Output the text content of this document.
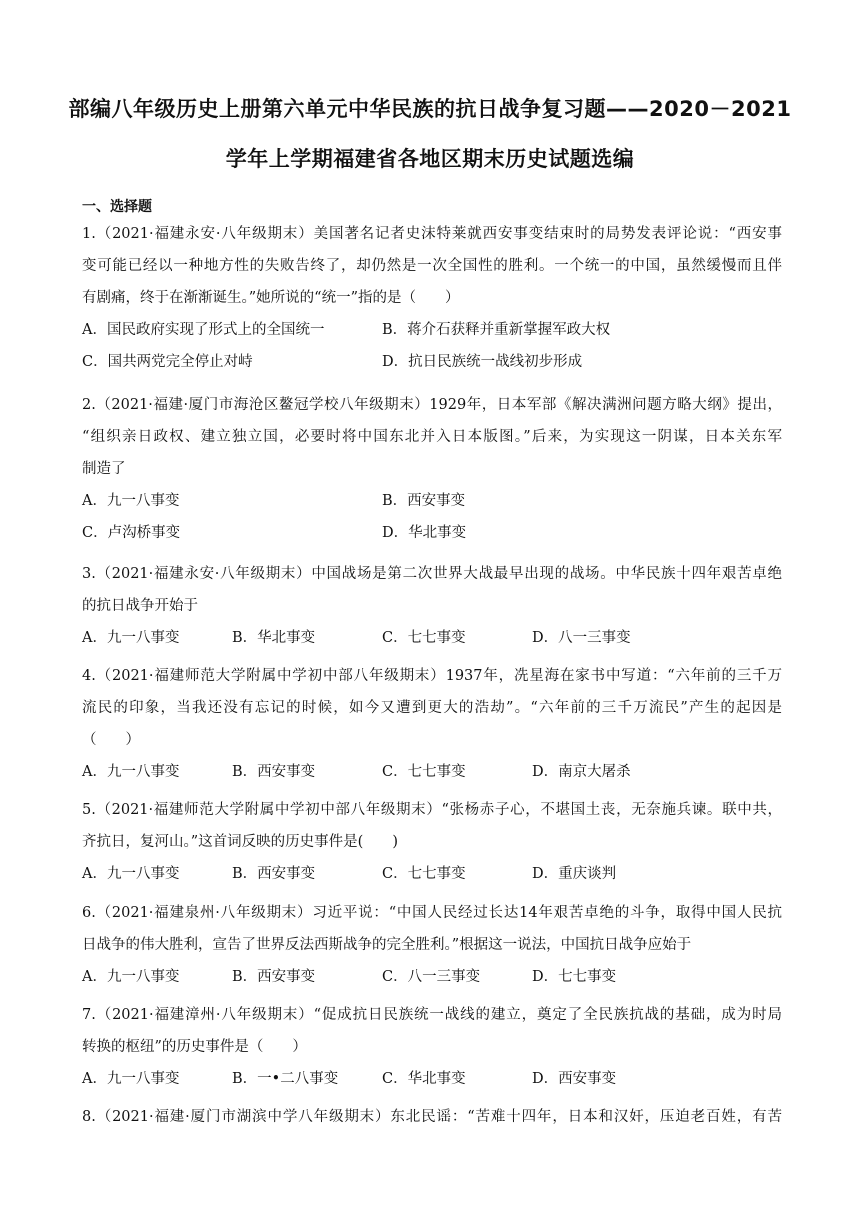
部编八年级历史上册第六单元中华民族的抗日战争复习题——2020－2021
学年上学期福建省各地区期末历史试题选编
一、选择题
1.（2021·福建永安·八年级期末）美国著名记者史沫特莱就西安事变结束时的局势发表评论说：“西安事
变可能已经以一种地方性的失败告终了，却仍然是一次全国性的胜利。一个统一的中国，虽然缓慢而且伴
有剧痛，终于在渐渐诞生。”她所说的“统一”指的是（　　）
A．国民政府实现了形式上的全国统一	B．蒋介石获释并重新掌握军政大权
C．国共两党完全停止对峙	D．抗日民族统一战线初步形成
2.（2021·福建·厦门市海沧区鳌冠学校八年级期末）1929年，日本军部《解决满洲问题方略大纲》提出，
“组织亲日政权、建立独立国，必要时将中国东北并入日本版图。”后来，为实现这一阴谋，日本关东军
制造了
A．九一八事变	B．西安事变
C．卢沟桥事变	D．华北事变
3.（2021·福建永安·八年级期末）中国战场是第二次世界大战最早出现的战场。中华民族十四年艰苦卓绝
的抗日战争开始于
A．九一八事变	B．华北事变	C．七七事变	D．八一三事变
4.（2021·福建师范大学附属中学初中部八年级期末）1937年，冼星海在家书中写道：“六年前的三千万
流民的印象，当我还没有忘记的时候，如今又遭到更大的浩劫”。“六年前的三千万流民”产生的起因是
（　　）
A．九一八事变	B．西安事变	C．七七事变	D．南京大屠杀
5.（2021·福建师范大学附属中学初中部八年级期末）“张杨赤子心，不堪国土丧，无奈施兵谏。联中共，
齐抗日，复河山。”这首词反映的历史事件是(　　)
A．九一八事变	B．西安事变	C．七七事变	D．重庆谈判
6.（2021·福建泉州·八年级期末）习近平说：“中国人民经过长达14年艰苦卓绝的斗争，取得中国人民抗
日战争的伟大胜利，宣告了世界反法西斯战争的完全胜利。”根据这一说法，中国抗日战争应始于
A．九一八事变	B．西安事变	C．八一三事变	D．七七事变
7.（2021·福建漳州·八年级期末）“促成抗日民族统一战线的建立，奠定了全民族抗战的基础，成为时局
转换的枢纽”的历史事件是（　　）
A．九一八事变	B．一•二八事变	C．华北事变	D．西安事变
8.（2021·福建·厦门市湖滨中学八年级期末）东北民谣：“苦难十四年，日本和汉奸，压迫老百姓，有苦
